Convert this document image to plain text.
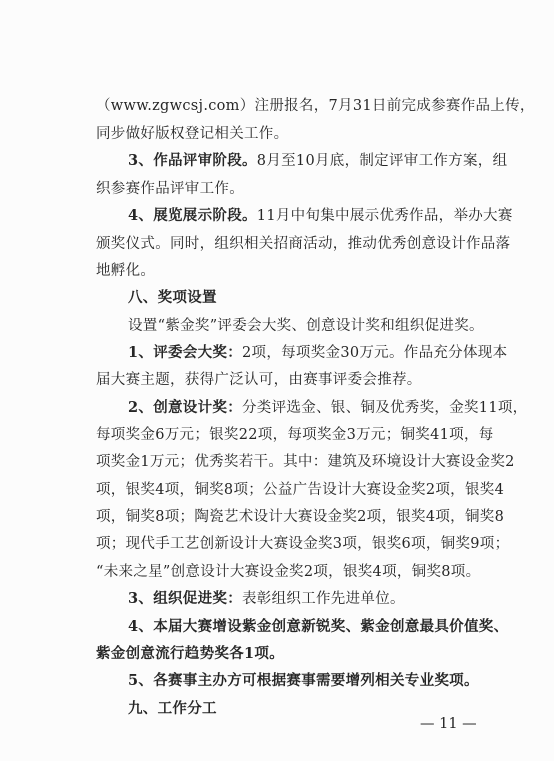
（www.zgwcsj.com）注册报名，7月31日前完成参赛作品上传，
同步做好版权登记相关工作。
3、作品评审阶段。8月至10月底，制定评审工作方案，组
织参赛作品评审工作。
4、展览展示阶段。11月中旬集中展示优秀作品，举办大赛
颁奖仪式。同时，组织相关招商活动，推动优秀创意设计作品落
地孵化。
八、奖项设置
设置“紫金奖”评委会大奖、创意设计奖和组织促进奖。
1、评委会大奖：2项，每项奖金30万元。作品充分体现本
届大赛主题，获得广泛认可，由赛事评委会推荐。
2、创意设计奖：分类评选金、银、铜及优秀奖，金奖11项，
每项奖金6万元；银奖22项，每项奖金3万元；铜奖41项，每
项奖金1万元；优秀奖若干。其中：建筑及环境设计大赛设金奖2
项，银奖4项，铜奖8项；公益广告设计大赛设金奖2项，银奖4
项，铜奖8项；陶瓷艺术设计大赛设金奖2项，银奖4项，铜奖8
项；现代手工艺创新设计大赛设金奖3项，银奖6项，铜奖9项；
“未来之星”创意设计大赛设金奖2项，银奖4项，铜奖8项。
3、组织促进奖：表彰组织工作先进单位。
4、本届大赛增设紫金创意新锐奖、紫金创意最具价值奖、
紫金创意流行趋势奖各1项。
5、各赛事主办方可根据赛事需要增列相关专业奖项。
九、工作分工
— 11 —
